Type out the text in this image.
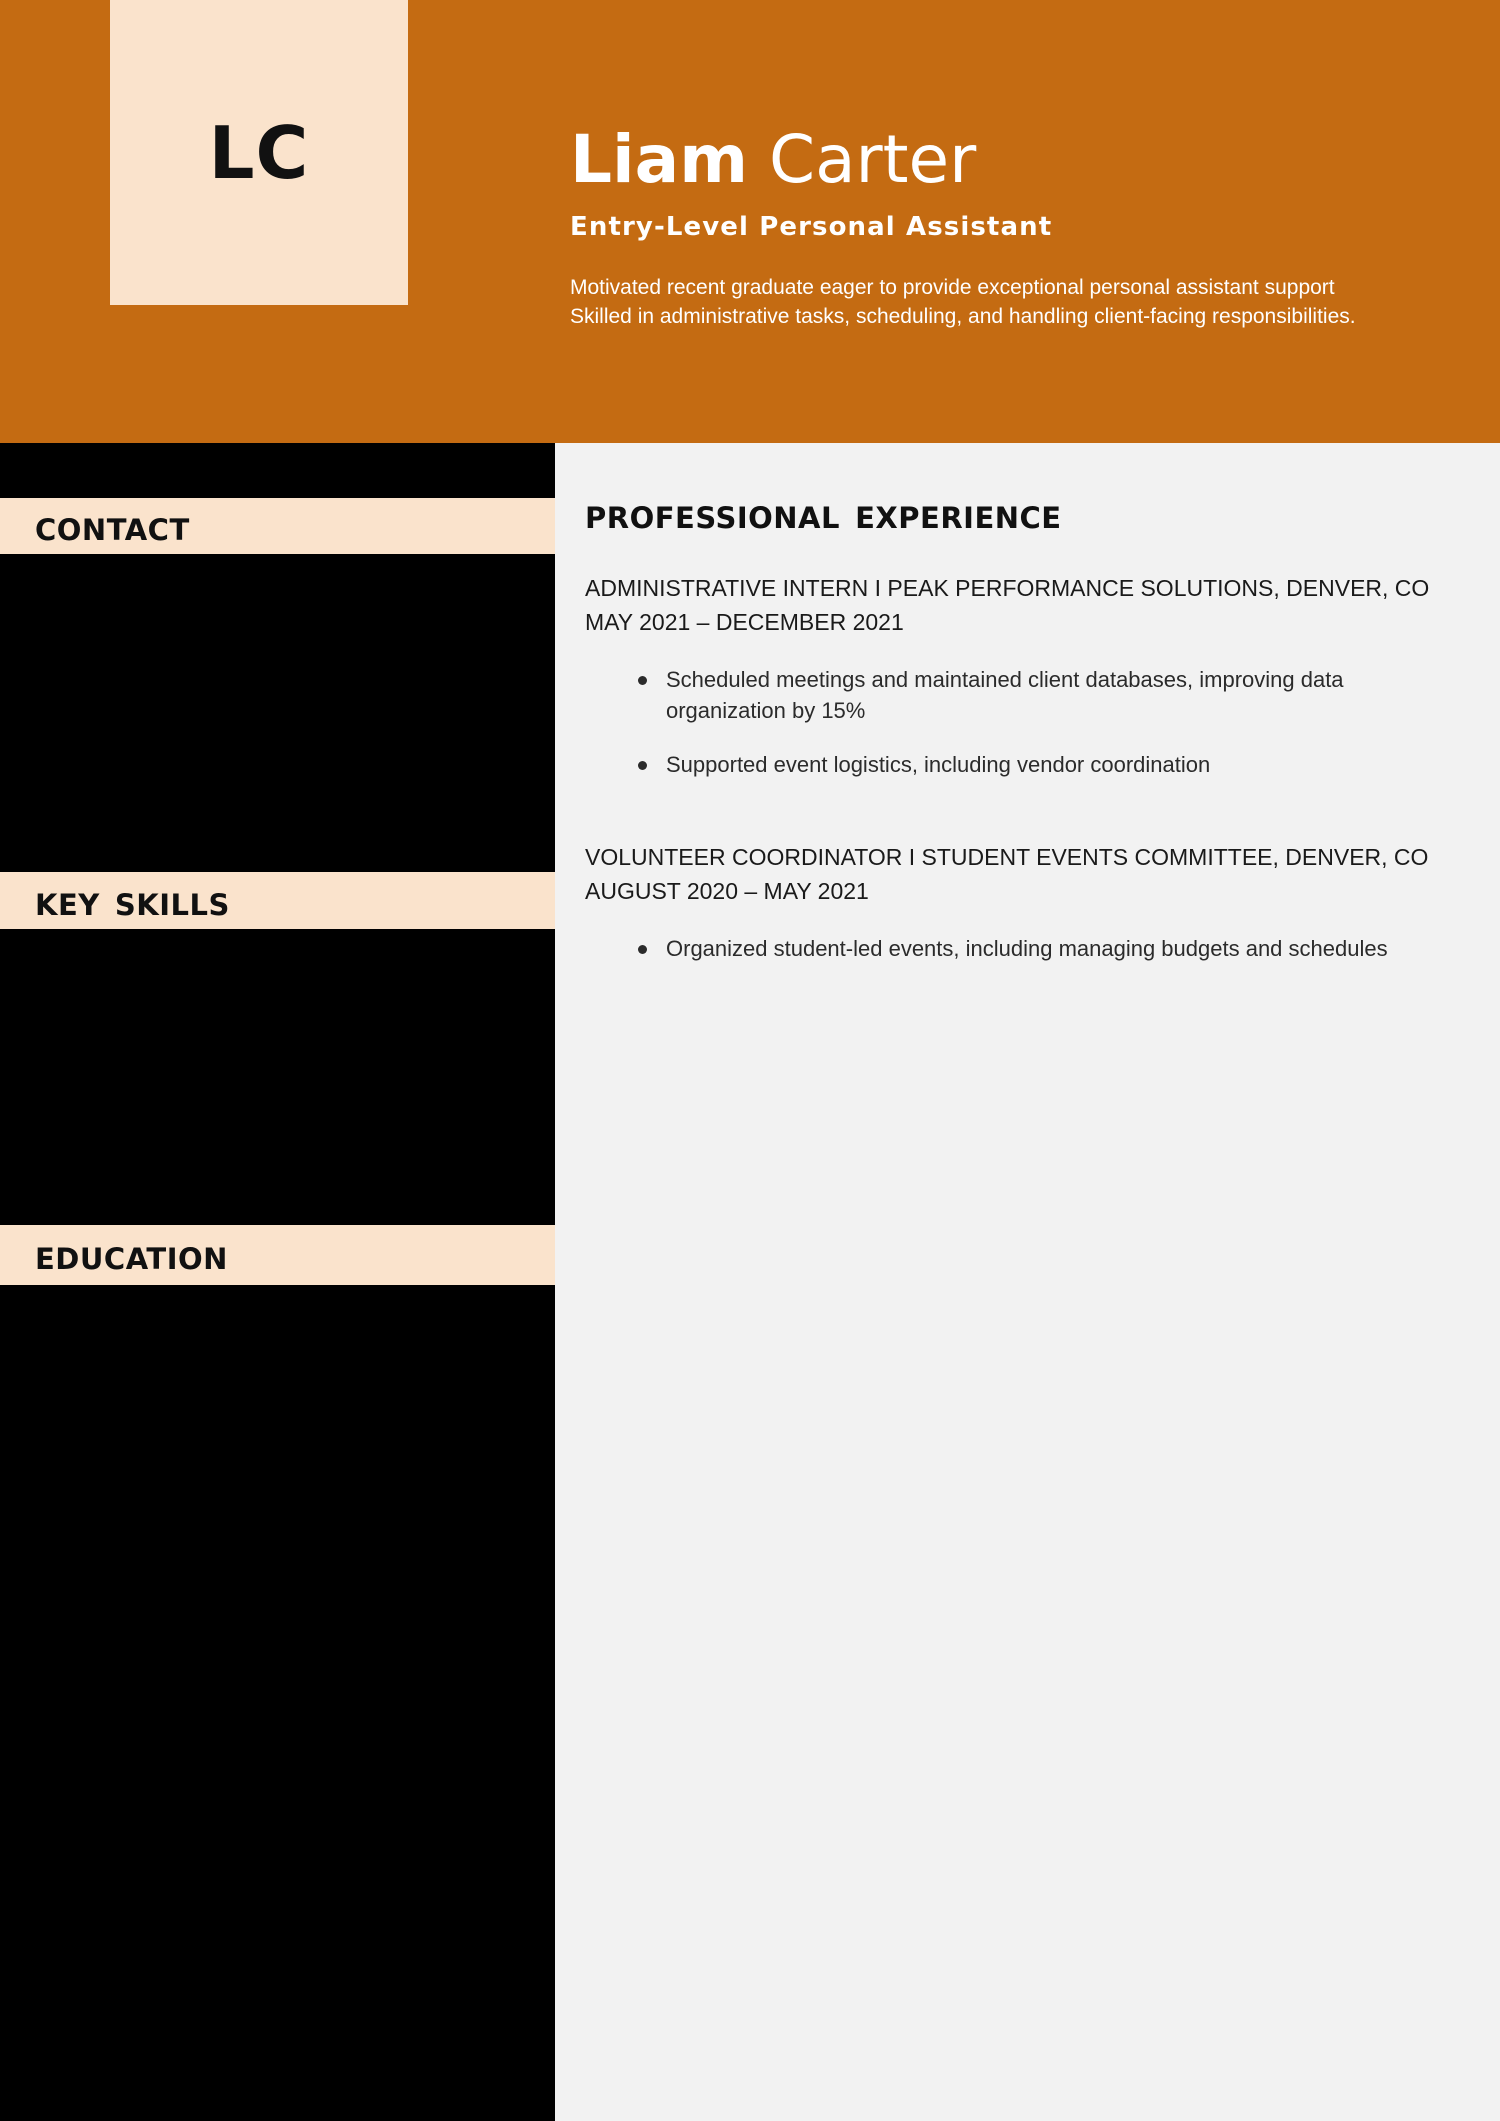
LC	Liam Carter
Entry-Level Personal Assistant
Motivated recent graduate eager to provide exceptional personal assistant support
Skilled in administrative tasks, scheduling, and handling client-facing responsibilities.
contact
key skills
education
professional experience

ADMINISTRATIVE INTERN I PEAK PERFORMANCE SOLUTIONS, DENVER, CO

MAY 2021 – DECEMBER 2021

Scheduled meetings and maintained client databases, improving data organization by 15%
Supported event logistics, including vendor coordination

VOLUNTEER COORDINATOR I STUDENT EVENTS COMMITTEE, DENVER, CO

AUGUST 2020 – MAY 2021

Organized student-led events, including managing budgets and schedules
